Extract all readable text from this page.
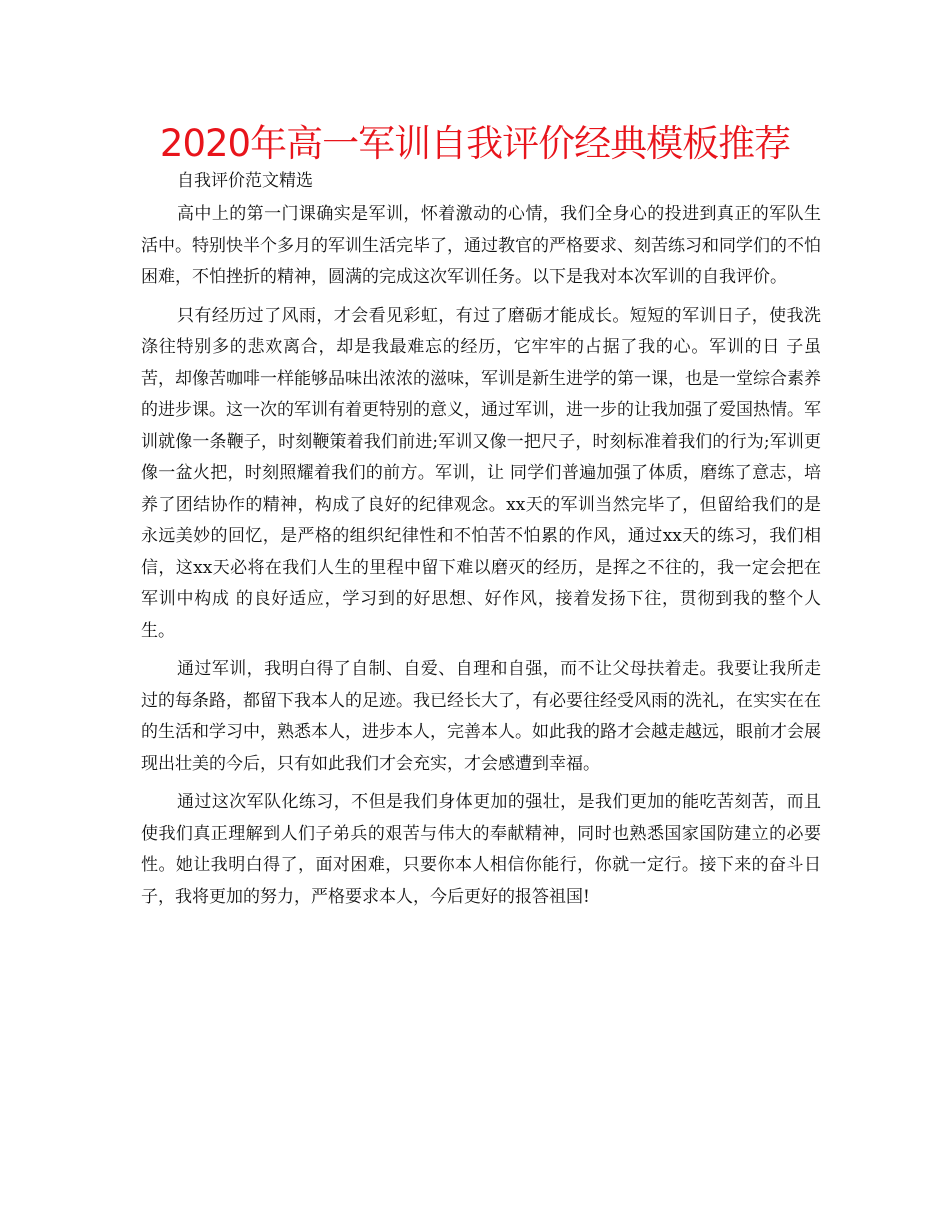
2020年高一军训自我评价经典模板推荐
自我评价范文精选

高中上的第一门课确实是军训，怀着激动的心情，我们全身心的投进到真正的军队生活中。特别快半个多月的军训生活完毕了，通过教官的严格要求、刻苦练习和同学们的不怕困难，不怕挫折的精神，圆满的完成这次军训任务。以下是我对本次军训的自我评价。

只有经历过了风雨，才会看见彩虹，有过了磨砺才能成长。短短的军训日子，使我洗涤往特别多的悲欢离合，却是我最难忘的经历，它牢牢的占据了我的心。军训的日 子虽苦，却像苦咖啡一样能够品味出浓浓的滋味，军训是新生进学的第一课，也是一堂综合素养的进步课。这一次的军训有着更特别的意义，通过军训，进一步的让我加强了爱国热情。军训就像一条鞭子，时刻鞭策着我们前进;军训又像一把尺子，时刻标准着我们的行为;军训更像一盆火把，时刻照耀着我们的前方。军训，让 同学们普遍加强了体质，磨练了意志，培养了团结协作的精神，构成了良好的纪律观念。xx天的军训当然完毕了，但留给我们的是永远美妙的回忆，是严格的组织纪律性和不怕苦不怕累的作风，通过xx天的练习，我们相信，这xx天必将在我们人生的里程中留下难以磨灭的经历，是挥之不往的，我一定会把在军训中构成 的良好适应，学习到的好思想、好作风，接着发扬下往，贯彻到我的整个人生。

通过军训，我明白得了自制、自爱、自理和自强，而不让父母扶着走。我要让我所走过的每条路，都留下我本人的足迹。我已经长大了，有必要往经受风雨的洗礼，在实实在在的生活和学习中，熟悉本人，进步本人，完善本人。如此我的路才会越走越远，眼前才会展现出壮美的今后，只有如此我们才会充实，才会感遭到幸福。

通过这次军队化练习，不但是我们身体更加的强壮，是我们更加的能吃苦刻苦，而且使我们真正理解到人们子弟兵的艰苦与伟大的奉献精神，同时也熟悉国家国防建立的必要性。她让我明白得了，面对困难，只要你本人相信你能行，你就一定行。接下来的奋斗日子，我将更加的努力，严格要求本人，今后更好的报答祖国!
